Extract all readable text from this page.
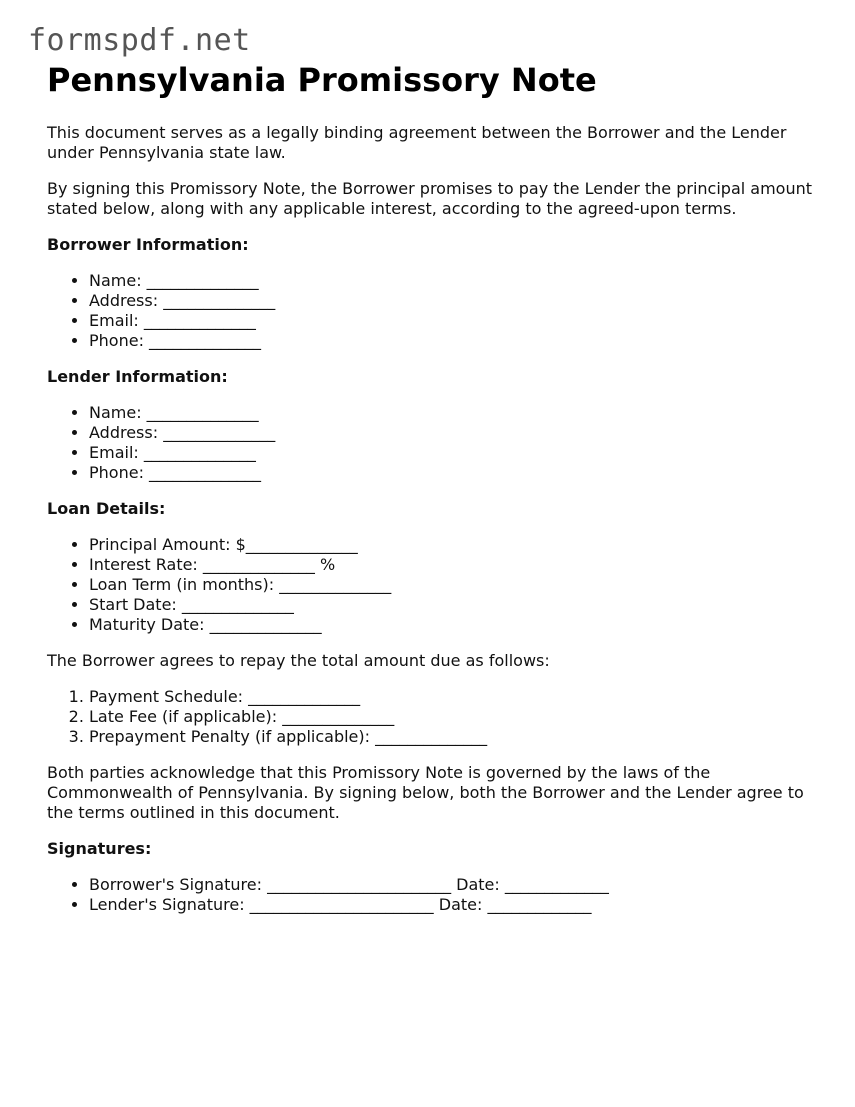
formspdf.net
Pennsylvania Promissory Note

This document serves as a legally binding agreement between the Borrower and the Lender under Pennsylvania state law.

By signing this Promissory Note, the Borrower promises to pay the Lender the principal amount stated below, along with any applicable interest, according to the agreed-upon terms.

Borrower Information:
• Name: ______________
• Address: ______________
• Email: ______________
• Phone: ______________
Lender Information:
• Name: ______________
• Address: ______________
• Email: ______________
• Phone: ______________
Loan Details:
• Principal Amount: $______________
• Interest Rate: ______________ %
• Loan Term (in months): ______________
• Start Date: ______________
• Maturity Date: ______________

The Borrower agrees to repay the total amount due as follows:

1. Payment Schedule: ______________
2. Late Fee (if applicable): ______________
3. Prepayment Penalty (if applicable): ______________

Both parties acknowledge that this Promissory Note is governed by the laws of the Commonwealth of Pennsylvania. By signing below, both the Borrower and the Lender agree to the terms outlined in this document.

Signatures:
• Borrower's Signature: _______________________ Date: _____________
• Lender's Signature: _______________________ Date: _____________
